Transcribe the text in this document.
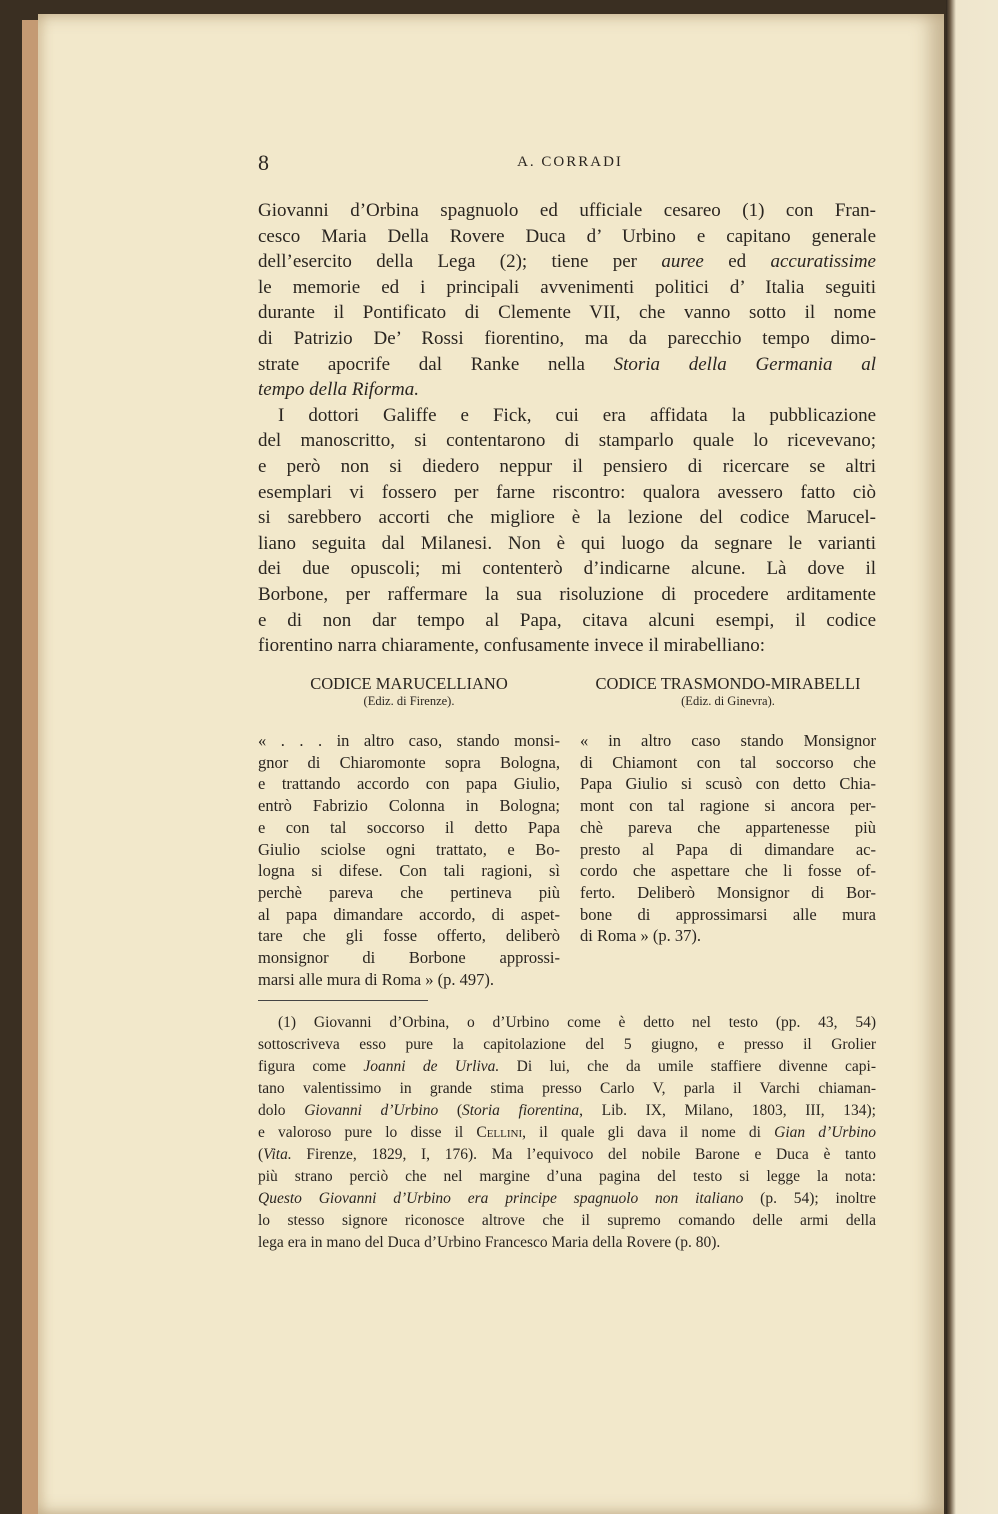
8	A. CORRADI
Giovanni d’Orbina spagnuolo ed ufficiale cesareo (1) con Fran-
cesco Maria Della Rovere Duca d’ Urbino e capitano generale
dell’esercito della Lega (2); tiene per auree ed accuratissime
le memorie ed i principali avvenimenti politici d’ Italia seguiti
durante il Pontificato di Clemente VII, che vanno sotto il nome
di Patrizio De’ Rossi fiorentino, ma da parecchio tempo dimo-
strate apocrife dal Ranke nella Storia della Germania al
tempo della Riforma.
I dottori Galiffe e Fick, cui era affidata la pubblicazione
del manoscritto, si contentarono di stamparlo quale lo ricevevano;
e però non si diedero neppur il pensiero di ricercare se altri
esemplari vi fossero per farne riscontro: qualora avessero fatto ciò
si sarebbero accorti che migliore è la lezione del codice Marucel-
liano seguita dal Milanesi. Non è qui luogo da segnare le varianti
dei due opuscoli; mi contenterò d’indicarne alcune. Là dove il
Borbone, per raffermare la sua risoluzione di procedere arditamente
e di non dar tempo al Papa, citava alcuni esempi, il codice
fiorentino narra chiaramente, confusamente invece il mirabelliano:
CODICE MARUCELLIANO
(Ediz. di Firenze).
CODICE TRASMONDO-MIRABELLI
(Ediz. di Ginevra).
« . . . in altro caso, stando monsi-
gnor di Chiaromonte sopra Bologna,
e trattando accordo con papa Giulio,
entrò Fabrizio Colonna in Bologna;
e con tal soccorso il detto Papa
Giulio sciolse ogni trattato, e Bo-
logna si difese. Con tali ragioni, sì
perchè pareva che pertineva più
al papa dimandare accordo, di aspet-
tare che gli fosse offerto, deliberò
monsignor di Borbone approssi-
marsi alle mura di Roma » (p. 497).
« in altro caso stando Monsignor
di Chiamont con tal soccorso che
Papa Giulio si scusò con detto Chia-
mont con tal ragione si ancora per-
chè pareva che appartenesse più
presto al Papa di dimandare ac-
cordo che aspettare che li fosse of-
ferto. Deliberò Monsignor di Bor-
bone di approssimarsi alle mura
di Roma » (p. 37).
(1) Giovanni d’Orbina, o d’Urbino come è detto nel testo (pp. 43, 54)
sottoscriveva esso pure la capitolazione del 5 giugno, e presso il Grolier
figura come Joanni de Urliva. Di lui, che da umile staffiere divenne capi-
tano valentissimo in grande stima presso Carlo V, parla il Varchi chiaman-
dolo Giovanni d’Urbino (Storia fiorentina, Lib. IX, Milano, 1803, III, 134);
e valoroso pure lo disse il Cellini, il quale gli dava il nome di Gian d’Urbino
(Vita. Firenze, 1829, I, 176). Ma l’equivoco del nobile Barone e Duca è tanto
più strano perciò che nel margine d’una pagina del testo si legge la nota:
Questo Giovanni d’Urbino era principe spagnuolo non italiano (p. 54); inoltre
lo stesso signore riconosce altrove che il supremo comando delle armi della
lega era in mano del Duca d’Urbino Francesco Maria della Rovere (p. 80).
